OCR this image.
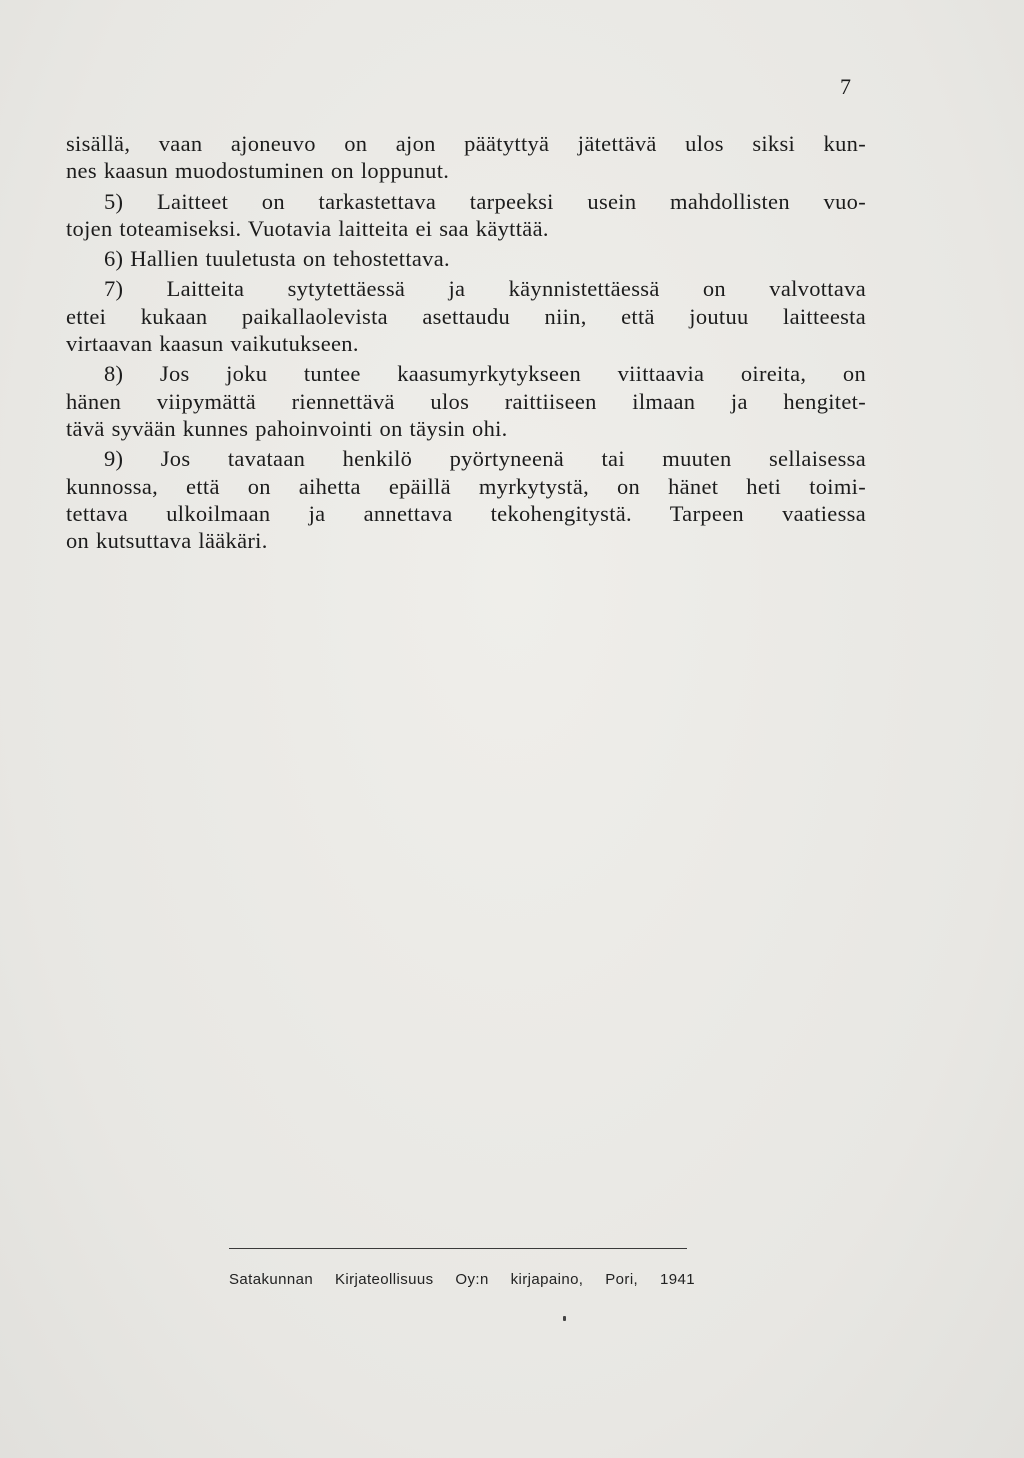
7

sisällä, vaan ajoneuvo on ajon päätyttyä jätettävä ulos siksi kun-
nes kaasun muodostuminen on loppunut.
5) Laitteet on tarkastettava tarpeeksi usein mahdollisten vuo-
tojen toteamiseksi. Vuotavia laitteita ei saa käyttää.
6) Hallien tuuletusta on tehostettava.
7) Laitteita sytytettäessä ja käynnistettäessä on valvottava
ettei kukaan paikallaolevista asettaudu niin, että joutuu laitteesta
virtaavan kaasun vaikutukseen.
8) Jos joku tuntee kaasumyrkytykseen viittaavia oireita, on
hänen viipymättä riennettävä ulos raittiiseen ilmaan ja hengitet-
tävä syvään kunnes pahoinvointi on täysin ohi.
9) Jos tavataan henkilö pyörtyneenä tai muuten sellaisessa
kunnossa, että on aihetta epäillä myrkytystä, on hänet heti toimi-
tettava ulkoilmaan ja annettava tekohengitystä. Tarpeen vaatiessa
on kutsuttava lääkäri.

Satakunnan Kirjateollisuus Oy:n kirjapaino, Pori, 1941
